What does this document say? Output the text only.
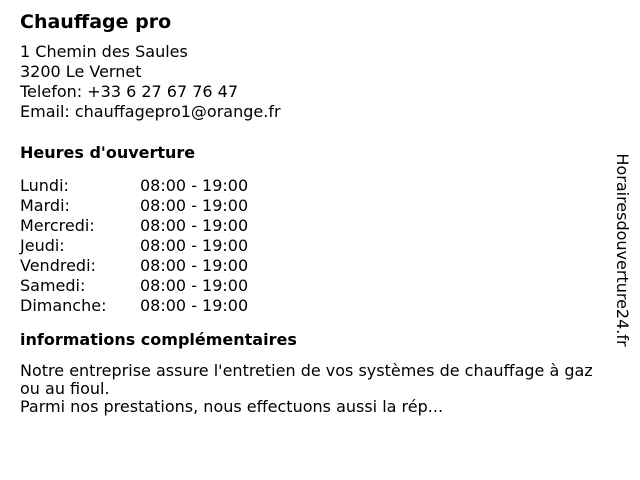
Chauffage pro
1 Chemin des Saules
3200 Le Vernet
Telefon: +33 6 27 67 76 47
Email: chauffagepro1@orange.fr
Heures d'ouverture
Lundi:	08:00 - 19:00
Mardi:	08:00 - 19:00
Mercredi:	08:00 - 19:00
Jeudi:	08:00 - 19:00
Vendredi:	08:00 - 19:00
Samedi:	08:00 - 19:00
Dimanche: 08:00 - 19:00
informations complémentaires

Notre entreprise assure l'entretien de vos systèmes de chauffage à gaz ou au fioul.

Parmi nos prestations, nous effectuons aussi la rép...

Horairesdouverture24.fr
